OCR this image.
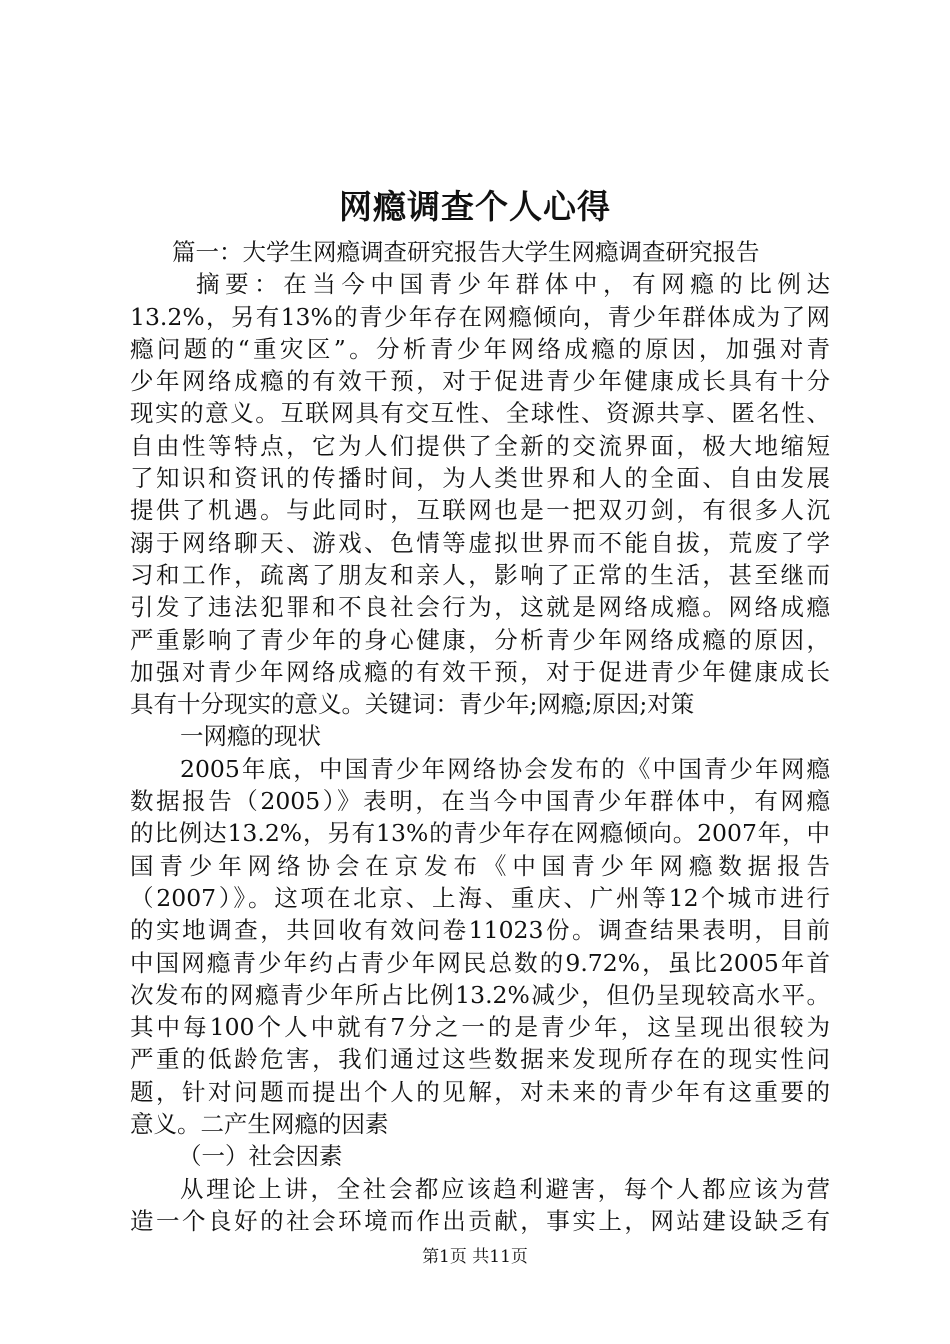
网瘾调查个人心得
篇一：大学生网瘾调查研究报告大学生网瘾调查研究报告
摘要：在当今中国青少年群体中，有网瘾的比例达
13.2%，另有13%的青少年存在网瘾倾向，青少年群体成为了网
瘾问题的“重灾区”。分析青少年网络成瘾的原因，加强对青
少年网络成瘾的有效干预，对于促进青少年健康成长具有十分
现实的意义。互联网具有交互性、全球性、资源共享、匿名性、
自由性等特点，它为人们提供了全新的交流界面，极大地缩短
了知识和资讯的传播时间，为人类世界和人的全面、自由发展
提供了机遇。与此同时，互联网也是一把双刃剑，有很多人沉
溺于网络聊天、游戏、色情等虚拟世界而不能自拔，荒废了学
习和工作，疏离了朋友和亲人，影响了正常的生活，甚至继而
引发了违法犯罪和不良社会行为，这就是网络成瘾。网络成瘾
严重影响了青少年的身心健康，分析青少年网络成瘾的原因，
加强对青少年网络成瘾的有效干预，对于促进青少年健康成长
具有十分现实的意义。关键词：青少年;网瘾;原因;对策
一网瘾的现状
2005年底，中国青少年网络协会发布的《中国青少年网瘾
数据报告（2005）》表明，在当今中国青少年群体中，有网瘾
的比例达13.2%，另有13%的青少年存在网瘾倾向。2007年，中
国青少年网络协会在京发布《中国青少年网瘾数据报告
（2007）》。这项在北京、上海、重庆、广州等12个城市进行
的实地调查，共回收有效问卷11023份。调查结果表明，目前
中国网瘾青少年约占青少年网民总数的9.72%，虽比2005年首
次发布的网瘾青少年所占比例13.2%减少，但仍呈现较高水平。
其中每100个人中就有7分之一的是青少年，这呈现出很较为
严重的低龄危害，我们通过这些数据来发现所存在的现实性问
题，针对问题而提出个人的见解，对未来的青少年有这重要的
意义。二产生网瘾的因素
（一）社会因素
从理论上讲，全社会都应该趋利避害，每个人都应该为营
造一个良好的社会环境而作出贡献，事实上，网站建设缺乏有
第1页 共11页
